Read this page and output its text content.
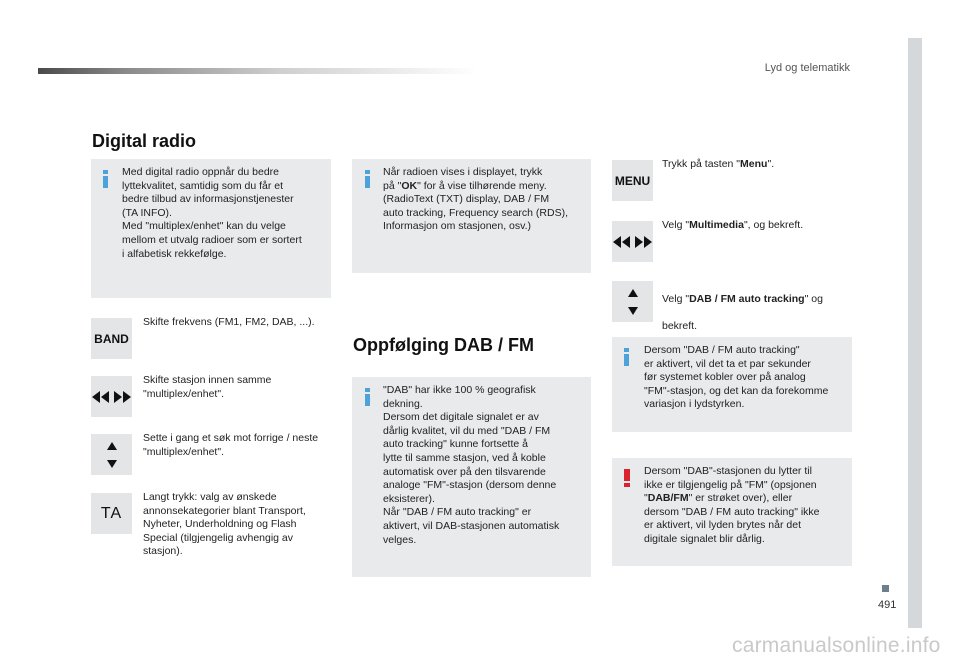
Lyd og telematikk
491
carmanualsonline.info
Digital radio

Med digital radio oppnår du bedre
lyttekvalitet, samtidig som du får et
bedre tilbud av informasjonstjenester
(TA INFO).
Med "multiplex/enhet" kan du velge
mellom et utvalg radioer som er sortert
i alfabetisk rekkefølge.

BAND
Skifte frekvens (FM1, FM2, DAB, ...).
Skifte stasjon innen samme
"multiplex/enhet".
Sette i gang et søk mot forrige / neste
"multiplex/enhet".
TA
Langt trykk: valg av ønskede
annonsekategorier blant Transport,
Nyheter, Underholdning og Flash
Special (tilgjengelig avhengig av
stasjon).
Når radioen vises i displayet, trykk
på "OK" for å vise tilhørende meny.

(RadioText (TXT) display, DAB / FM
auto tracking, Frequency search (RDS),
Informasjon om stasjonen, osv.)

Oppfølging DAB / FM

"DAB" har ikke 100 % geografisk
dekning.
Dersom det digitale signalet er av
dårlig kvalitet, vil du med "DAB / FM
auto tracking" kunne fortsette å
lytte til samme stasjon, ved å koble
automatisk over på den tilsvarende
analoge "FM"-stasjon (dersom denne
eksisterer).
Når "DAB / FM auto tracking" er
aktivert, vil DAB-stasjonen automatisk
velges.

MENU
Trykk på tasten "Menu".
Velg "Multimedia", og bekreft.

Velg "DAB / FM auto tracking" og

bekreft.

Dersom "DAB / FM auto tracking"
er aktivert, vil det ta et par sekunder
før systemet kobler over på analog
"FM"-stasjon, og det kan da forekomme
variasjon i lydstyrken.

Dersom "DAB"-stasjonen du lytter til
ikke er tilgjengelig på "FM" (opsjonen
"DAB/FM" er strøket over), eller

dersom "DAB / FM auto tracking" ikke
er aktivert, vil lyden brytes når det
digitale signalet blir dårlig.
